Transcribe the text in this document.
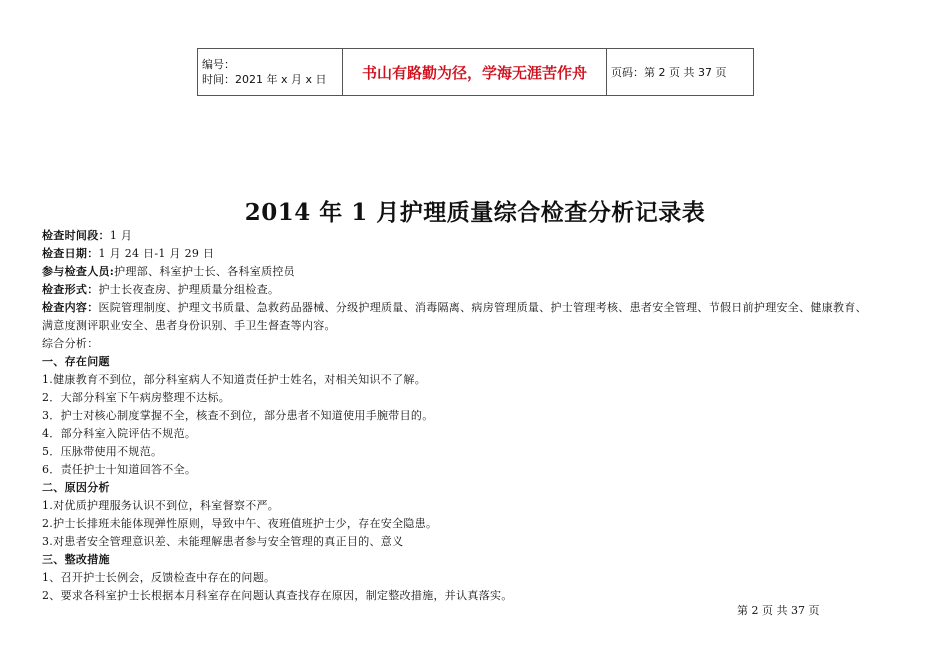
编号：
时间：2021 年 x 月 x 日	书山有路勤为径，学海无涯苦作舟	页码：第 2 页 共 37 页
2014 年 1 月护理质量综合检查分析记录表
检查时间段：1 月
检查日期：1 月 24 日-1 月 29 日
参与检查人员:护理部、科室护士长、各科室质控员
检查形式：护士长夜查房、护理质量分组检查。
检查内容：医院管理制度、护理文书质量、急救药品器械、分级护理质量、消毒隔离、病房管理质量、护士管理考核、患者安全管理、节假日前护理安全、健康教育、
满意度测评职业安全、患者身份识别、手卫生督查等内容。
综合分析：
一、存在问题
1.健康教育不到位，部分科室病人不知道责任护士姓名，对相关知识不了解。
2．大部分科室下午病房整理不达标。
3．护士对核心制度掌握不全，核查不到位，部分患者不知道使用手腕带目的。
4．部分科室入院评估不规范。
5．压脉带使用不规范。
6．责任护士十知道回答不全。
二、原因分析
1.对优质护理服务认识不到位，科室督察不严。
2.护士长排班未能体现弹性原则，导致中午、夜班值班护士少，存在安全隐患。
3.对患者安全管理意识差、未能理解患者参与安全管理的真正目的、意义
三、整改措施
1、召开护士长例会，反馈检查中存在的问题。
2、要求各科室护士长根据本月科室存在问题认真查找存在原因，制定整改措施，并认真落实。
第 2 页 共 37 页
